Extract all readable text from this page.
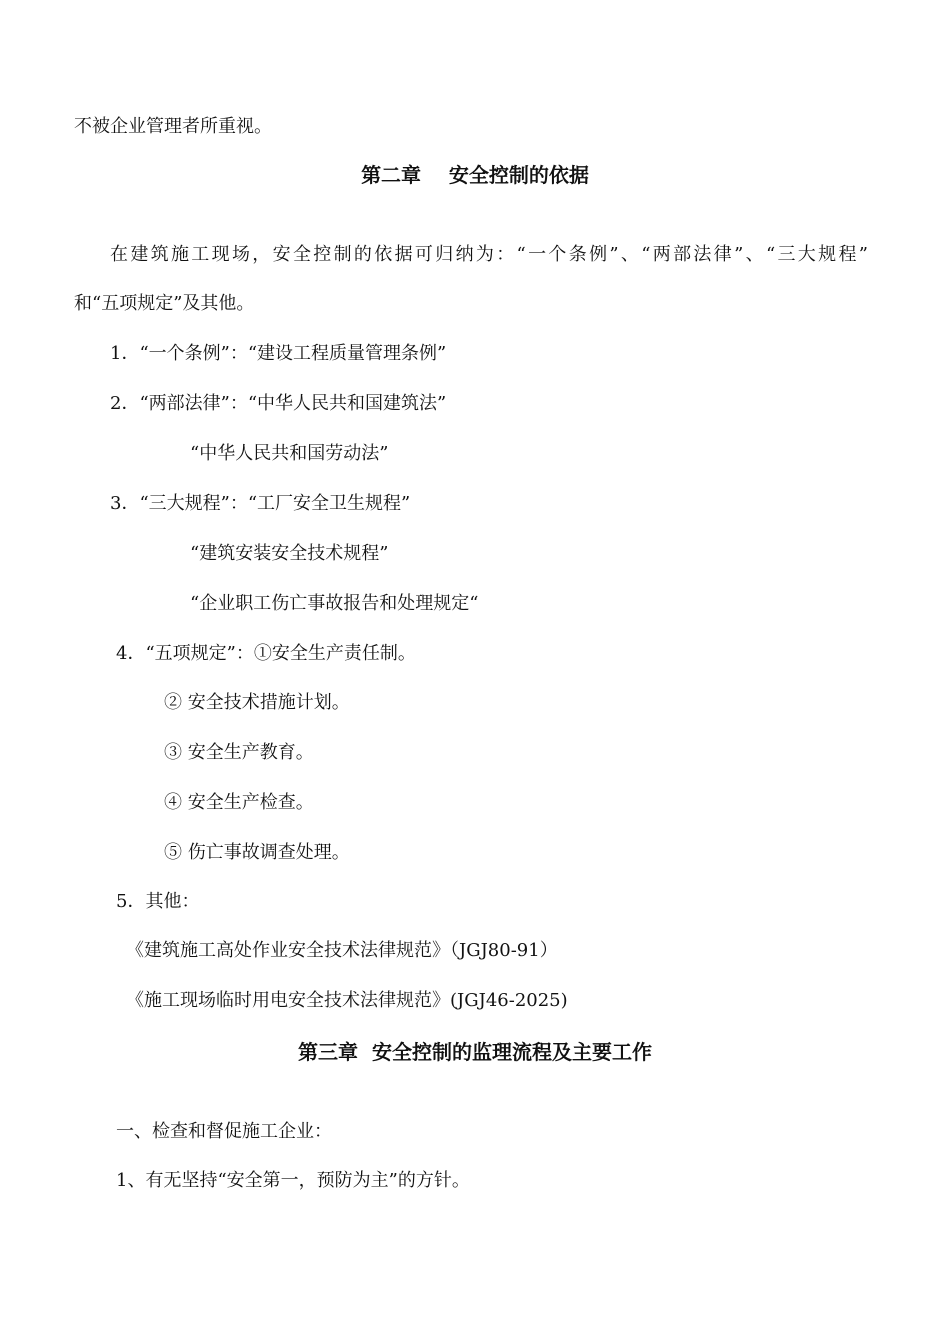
不被企业管理者所重视。
第二章    安全控制的依据
在建筑施工现场，安全控制的依据可归纳为：“一个条例”、“两部法律”、“三大规程”
和“五项规定”及其他。
1．“一个条例”：“建设工程质量管理条例”
2．“两部法律”：“中华人民共和国建筑法”
“中华人民共和国劳动法”
3．“三大规程”：“工厂安全卫生规程”
“建筑安装安全技术规程”
“企业职工伤亡事故报告和处理规定“
4．“五项规定”：①安全生产责任制。
② 安全技术措施计划。
③ 安全生产教育。
④ 安全生产检查。
⑤ 伤亡事故调查处理。
5．其他：
《建筑施工高处作业安全技术法律规范》（JGJ80-91）
《施工现场临时用电安全技术法律规范》(JGJ46-2025)
第三章  安全控制的监理流程及主要工作
一、检查和督促施工企业：
1、有无坚持“安全第一，预防为主”的方针。
